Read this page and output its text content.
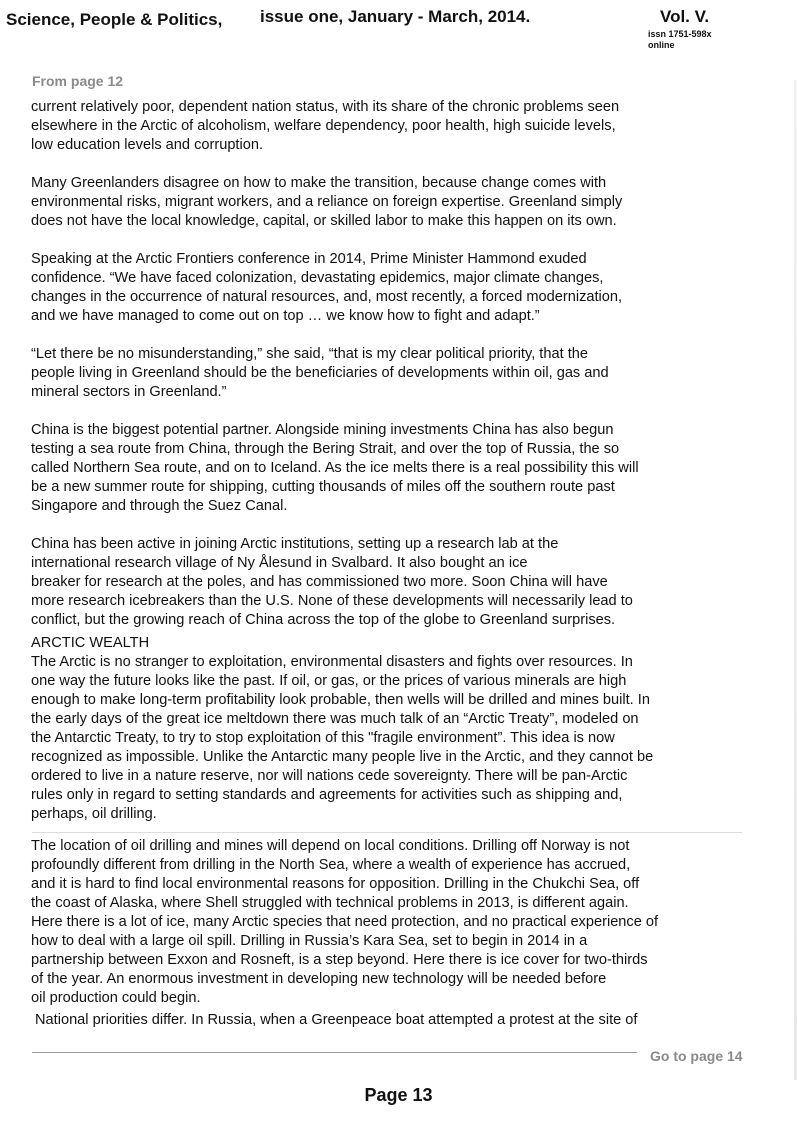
Science, People & Politics, issue one, January - March, 2014.	Vol. V.
issn 1751-598x
online
From page 12

current relatively poor, dependent nation status, with its share of the chronic problems seen
elsewhere in the Arctic of alcoholism, welfare dependency, poor health, high suicide levels,
low education levels and corruption.

Many Greenlanders disagree on how to make the transition, because change comes with
environmental risks, migrant workers, and a reliance on foreign expertise. Greenland simply
does not have the local knowledge, capital, or skilled labor to make this happen on its own.

Speaking at the Arctic Frontiers conference in 2014, Prime Minister Hammond exuded
confidence. “We have faced colonization, devastating epidemics, major climate changes,
changes in the occurrence of natural resources, and, most recently, a forced modernization,
and we have managed to come out on top … we know how to fight and adapt.”

“Let there be no misunderstanding,” she said, “that is my clear political priority, that the
people living in Greenland should be the beneficiaries of developments within oil, gas and
mineral sectors in Greenland.”

China is the biggest potential partner. Alongside mining investments China has also begun
testing a sea route from China, through the Bering Strait, and over the top of Russia, the so
called Northern Sea route, and on to Iceland. As the ice melts there is a real possibility this will
be a new summer route for shipping, cutting thousands of miles off the southern route past
Singapore and through the Suez Canal.

China has been active in joining Arctic institutions, setting up a research lab at the
international research village of Ny Ålesund in Svalbard. It also bought an ice
breaker for research at the poles, and has commissioned two more. Soon China will have
more research icebreakers than the U.S. None of these developments will necessarily lead to
conflict, but the growing reach of China across the top of the globe to Greenland surprises.

ARCTIC WEALTH

The Arctic is no stranger to exploitation, environmental disasters and fights over resources. In
one way the future looks like the past. If oil, or gas, or the prices of various minerals are high
enough to make long-term profitability look probable, then wells will be drilled and mines built. In
the early days of the great ice meltdown there was much talk of an “Arctic Treaty”, modeled on
the Antarctic Treaty, to try to stop exploitation of this "fragile environment”. This idea is now
recognized as impossible. Unlike the Antarctic many people live in the Arctic, and they cannot be
ordered to live in a nature reserve, nor will nations cede sovereignty. There will be pan-Arctic
rules only in regard to setting standards and agreements for activities such as shipping and,
perhaps, oil drilling.

The location of oil drilling and mines will depend on local conditions. Drilling off Norway is not
profoundly different from drilling in the North Sea, where a wealth of experience has accrued,
and it is hard to find local environmental reasons for opposition. Drilling in the Chukchi Sea, off
the coast of Alaska, where Shell struggled with technical problems in 2013, is different again.
Here there is a lot of ice, many Arctic species that need protection, and no practical experience of
how to deal with a large oil spill. Drilling in Russia’s Kara Sea, set to begin in 2014 in a
partnership between Exxon and Rosneft, is a step beyond. Here there is ice cover for two-thirds
of the year. An enormous investment in developing new technology will be needed before
oil production could begin.

National priorities differ. In Russia, when a Greenpeace boat attempted a protest at the site of

Go to page 14
Page 13
